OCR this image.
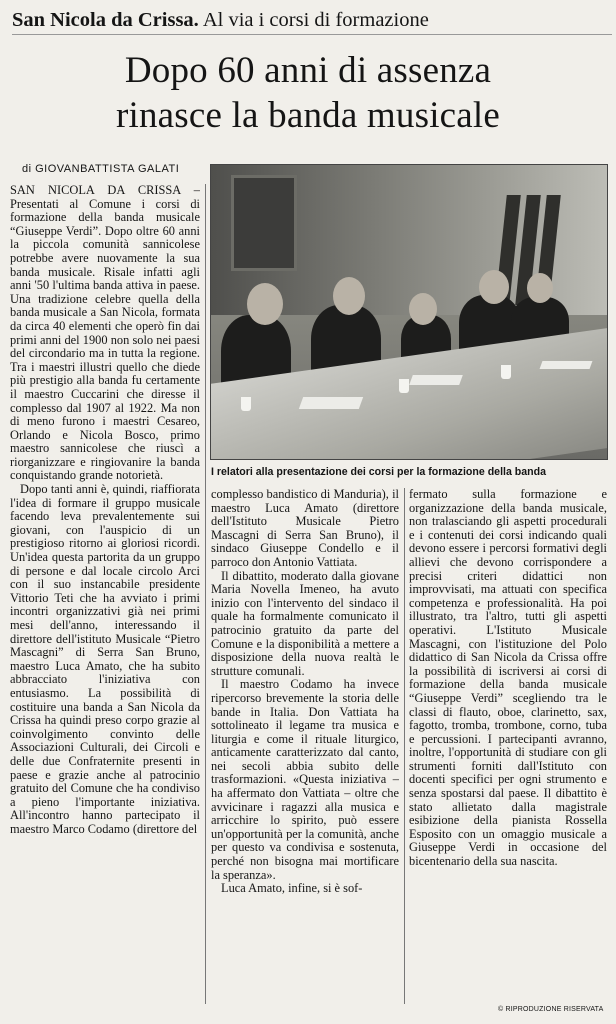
San Nicola da Crissa. Al via i corsi di formazione
Dopo 60 anni di assenza
rinasce la banda musicale
di GIOVANBATTISTA GALATI
I relatori alla presentazione dei corsi per la formazione della banda

SAN NICOLA DA CRISSA – Presentati al Comune i corsi di formazione della banda musicale “Giuseppe Verdi”. Dopo oltre 60 anni la piccola comunità sannicolese potrebbe avere nuovamente la sua banda musicale. Risale infatti agli anni '50 l'ultima banda attiva in paese. Una tradizione celebre quella della banda musicale a San Nicola, formata da circa 40 elementi che operò fin dai primi anni del 1900 non solo nei paesi del circondario ma in tutta la regione. Tra i maestri illustri quello che diede più prestigio alla banda fu certamente il maestro Cuccarini che diresse il complesso dal 1907 al 1922. Ma non di meno furono i maestri Cesareo, Orlando e Nicola Bosco, primo maestro sannicolese che riuscì a riorganizzare e ringiovanire la banda conquistando grande notorietà.

Dopo tanti anni è, quindi, riaffiorata l'idea di formare il gruppo musicale facendo leva prevalentemente sui giovani, con l'auspicio di un prestigioso ritorno ai gloriosi ricordi. Un'idea questa partorita da un gruppo di persone e dal locale circolo Arci con il suo instancabile presidente Vittorio Teti che ha avviato i primi incontri organizzativi già nei primi mesi dell'anno, interessando il direttore dell'istituto Musicale “Pietro Mascagni” di Serra San Bruno, maestro Luca Amato, che ha subito abbracciato l'iniziativa con entusiasmo. La possibilità di costituire una banda a San Nicola da Crissa ha quindi preso corpo grazie al coinvolgimento convinto delle Associazioni Culturali, dei Circoli e delle due Confraternite presenti in paese e grazie anche al patrocinio gratuito del Comune che ha condiviso a pieno l'importante iniziativa. All'incontro hanno partecipato il maestro Marco Codamo (direttore del

complesso bandistico di Manduria), il maestro Luca Amato (direttore dell'Istituto Musicale Pietro Mascagni di Serra San Bruno), il sindaco Giuseppe Condello e il parroco don Antonio Vattiata.

Il dibattito, moderato dalla giovane Maria Novella Imeneo, ha avuto inizio con l'intervento del sindaco il quale ha formalmente comunicato il patrocinio gratuito da parte del Comune e la disponibilità a mettere a disposizione della nuova realtà le strutture comunali.

Il maestro Codamo ha invece ripercorso brevemente la storia delle bande in Italia. Don Vattiata ha sottolineato il legame tra musica e liturgia e come il rituale liturgico, anticamente caratterizzato dal canto, nei secoli abbia subito delle trasformazioni. «Questa iniziativa – ha affermato don Vattiata – oltre che avvicinare i ragazzi alla musica e arricchire lo spirito, può essere un'opportunità per la comunità, anche per questo va condivisa e sostenuta, perché non bisogna mai mortificare la speranza».

Luca Amato, infine, si è sof-

fermato sulla formazione e organizzazione della banda musicale, non tralasciando gli aspetti procedurali e i contenuti dei corsi indicando quali devono essere i percorsi formativi degli allievi che devono corrispondere a precisi criteri didattici non improvvisati, ma attuati con specifica competenza e professionalità. Ha poi illustrato, tra l'altro, tutti gli aspetti operativi. L'Istituto Musicale Mascagni, con l'istituzione del Polo didattico di San Nicola da Crissa offre la possibilità di iscriversi ai corsi di formazione della banda musicale “Giuseppe Verdi” scegliendo tra le classi di flauto, oboe, clarinetto, sax, fagotto, tromba, trombone, corno, tuba e percussioni. I partecipanti avranno, inoltre, l'opportunità di studiare con gli strumenti forniti dall'Istituto con docenti specifici per ogni strumento e senza spostarsi dal paese. Il dibattito è stato allietato dalla magistrale esibizione della pianista Rossella Esposito con un omaggio musicale a Giuseppe Verdi in occasione del bicentenario della sua nascita.

© RIPRODUZIONE RISERVATA
